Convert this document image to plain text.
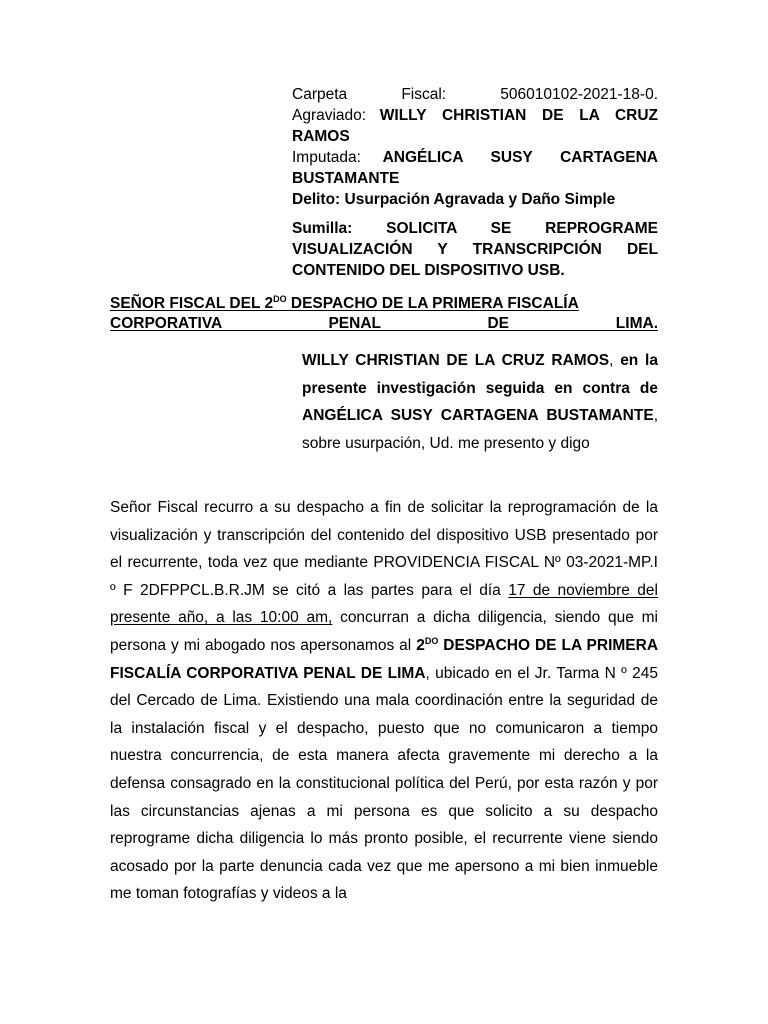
Carpeta Fiscal:	506010102-2021-18-0.

Agraviado: WILLY CHRISTIAN DE LA CRUZ RAMOS

Imputada: ANGÉLICA SUSY CARTAGENA BUSTAMANTE

Delito: Usurpación Agravada y Daño Simple

Sumilla: SOLICITA SE REPROGRAME VISUALIZACIÓN Y TRANSCRIPCIÓN DEL CONTENIDO DEL DISPOSITIVO USB.

SEÑOR FISCAL DEL $2^{DO}$ DESPACHO DE LA PRIMERA FISCALÍA
CORPORATIVA PENAL DE LIMA.
WILLY CHRISTIAN DE LA CRUZ RAMOS, en la presente investigación seguida en contra de ANGÉLICA SUSY CARTAGENA BUSTAMANTE, sobre usurpación, Ud. me presento y digo
Señor Fiscal recurro a su despacho a fin de solicitar la reprogramación de la visualización y transcripción del contenido del dispositivo USB presentado por el recurrente, toda vez que mediante PROVIDENCIA FISCAL Nº 03-2021-MP.I º F 2DFPPCL.B.R.JM se citó a las partes para el día 17 de noviembre del presente año, a las 10:00 am, concurran a dicha diligencia, siendo que mi persona y mi abogado nos apersonamos al $2^{DO}$ DESPACHO DE LA PRIMERA FISCALÍA CORPORATIVA PENAL DE LIMA, ubicado en el Jr. Tarma N º 245 del Cercado de Lima. Existiendo una mala coordinación entre la seguridad de la instalación fiscal y el despacho, puesto que no comunicaron a tiempo nuestra concurrencia, de esta manera afecta gravemente mi derecho a la defensa consagrado en la constitucional política del Perú, por esta razón y por las circunstancias ajenas a mi persona es que solicito a su despacho reprograme dicha diligencia lo más pronto posible, el recurrente viene siendo acosado por la parte denuncia cada vez que me apersono a mi bien inmueble me toman fotografías y videos a la
